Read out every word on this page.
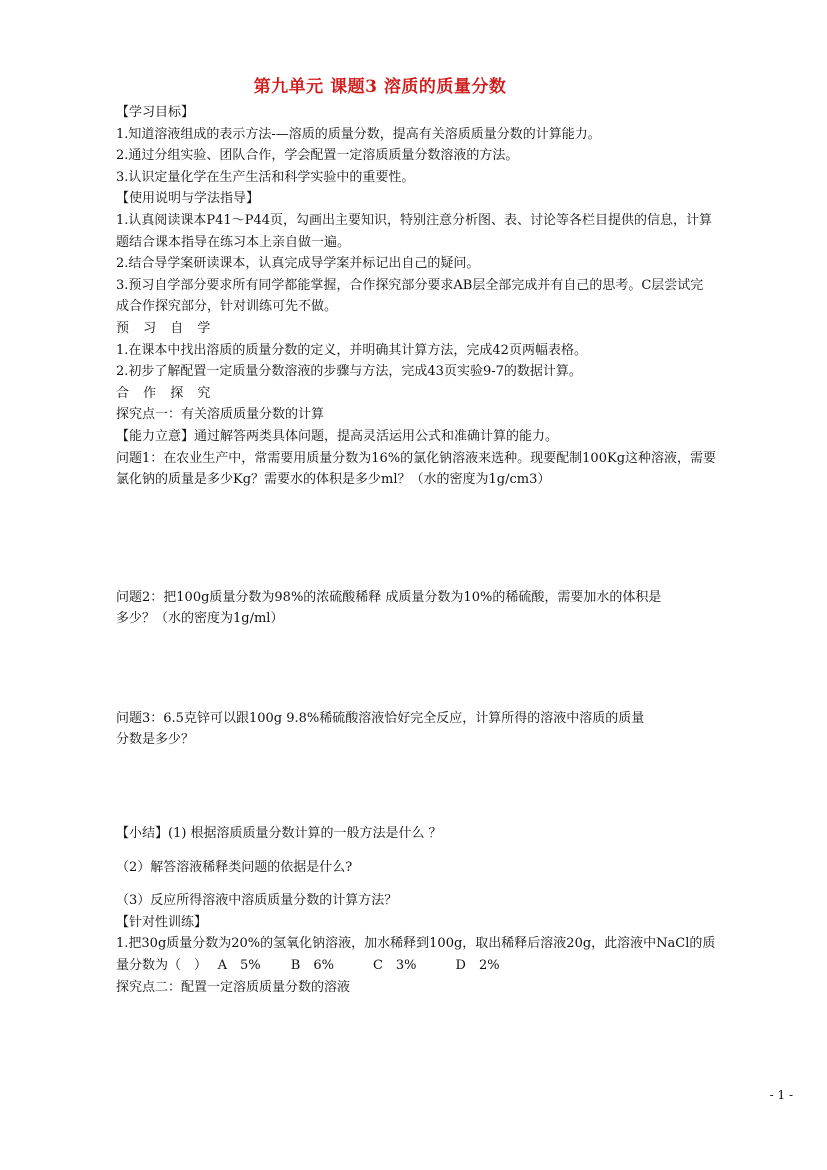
第九单元 课题3 溶质的质量分数
【学习目标】
1.知道溶液组成的表示方法-—溶质的质量分数，提高有关溶质质量分数的计算能力。
2.通过分组实验、团队合作，学会配置一定溶质质量分数溶液的方法。
3.认识定量化学在生产生活和科学实验中的重要性。
【使用说明与学法指导】
1.认真阅读课本P41～P44页，勾画出主要知识，特别注意分析图、表、讨论等各栏目提供的信息，计算题结合课本指导在练习本上亲自做一遍。
2.结合导学案研读课本，认真完成导学案并标记出自己的疑问。
3.预习自学部分要求所有同学都能掌握，合作探究部分要求AB层全部完成并有自己的思考。C层尝试完成合作探究部分，针对训练可先不做。
预 习 自 学
1.在课本中找出溶质的质量分数的定义，并明确其计算方法，完成42页两幅表格。
2.初步了解配置一定质量分数溶液的步骤与方法，完成43页实验9-7的数据计算。
合 作 探 究
探究点一：有关溶质质量分数的计算
【能力立意】通过解答两类具体问题，提高灵活运用公式和准确计算的能力。
问题1：在农业生产中，常需要用质量分数为16%的氯化钠溶液来选种。现要配制100Kg这种溶液，需要氯化钠的质量是多少Kg？需要水的体积是多少ml？（水的密度为1g/cm3）
问题2：把100g质量分数为98%的浓硫酸稀释 成质量分数为10%的稀硫酸，需要加水的体积是
多少？（水的密度为1g/ml）
问题3：6.5克锌可以跟100g 9.8%稀硫酸溶液恰好完全反应，计算所得的溶液中溶质的质量
分数是多少？
【小结】(1) 根据溶质质量分数计算的一般方法是什么 ？
（2）解答溶液稀释类问题的依据是什么?
（3）反应所得溶液中溶质质量分数的计算方法？
【针对性训练】
1.把30g质量分数为20%的氢氧化钠溶液，加水稀释到100g，取出稀释后溶液20g，此溶液中NaCl的质量分数为（　）　 A　5%　　 B　6%　　　C　3%　　　D　2%
探究点二：配置一定溶质质量分数的溶液
- 1 -
